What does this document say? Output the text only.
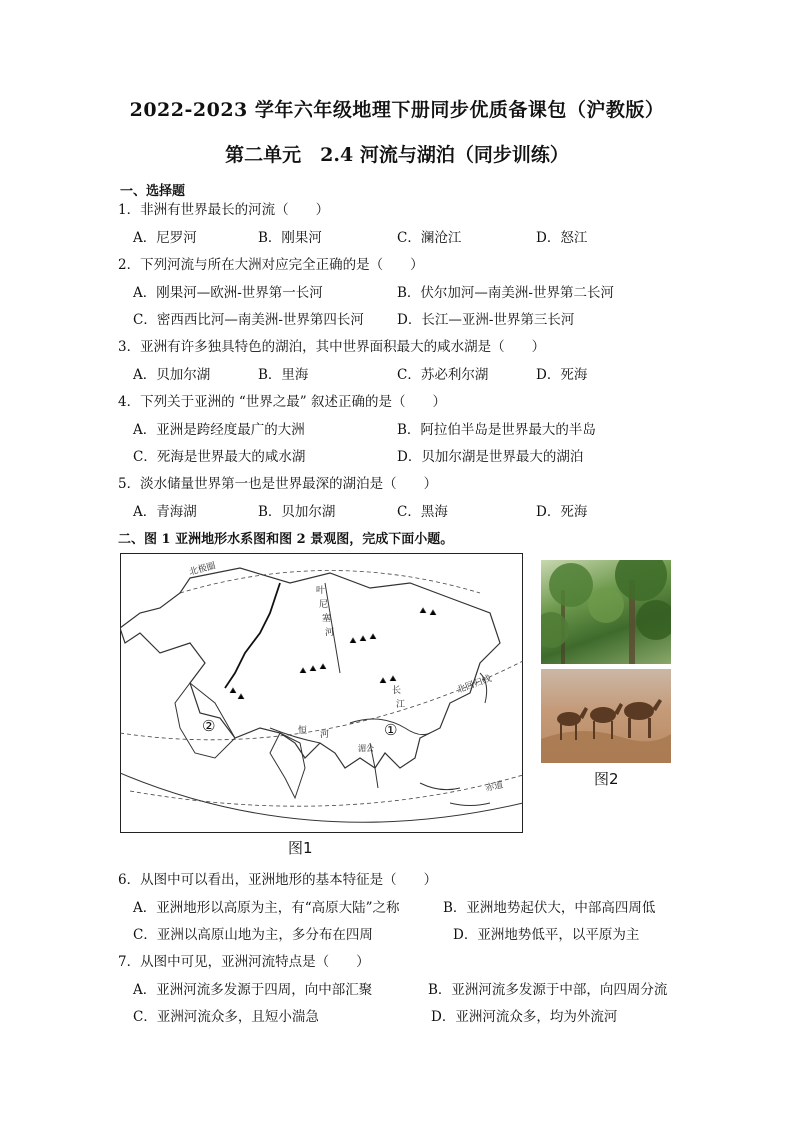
2022-2023 学年六年级地理下册同步优质备课包（沪教版）
第二单元　2.4 河流与湖泊（同步训练）
一、选择题
1．非洲有世界最长的河流（　　）
A．尼罗河	B．刚果河	C．澜沧江	D．怒江
2．下列河流与所在大洲对应完全正确的是（　　）
A．刚果河—欧洲-世界第一长河	B．伏尔加河—南美洲-世界第二长河
C．密西西比河—南美洲-世界第四长河 D．长江—亚洲-世界第三长河
3．亚洲有许多独具特色的湖泊，其中世界面积最大的咸水湖是（　　）
A．贝加尔湖	B．里海	C．苏必利尔湖	D．死海
4．下列关于亚洲的 “世界之最” 叙述正确的是（　　）
A．亚洲是跨经度最广的大洲	B．阿拉伯半岛是世界最大的半岛
C．死海是世界最大的咸水湖	D．贝加尔湖是世界最大的湖泊
5．淡水储量世界第一也是世界最深的湖泊是（　　）
A．青海湖	B．贝加尔湖	C．黑海	D．死海
二、图 1 亚洲地形水系图和图 2 景观图，完成下面小题。
北极圈
叶
尼
塞
河
北回归线
赤道
①
②	恒 河
长
江
湄公
图1
图2
6．从图中可以看出，亚洲地形的基本特征是（　　）
A．亚洲地形以高原为主，有“高原大陆”之称	B．亚洲地势起伏大，中部高四周低
C．亚洲以高原山地为主，多分布在四周	D．亚洲地势低平，以平原为主
7．从图中可见，亚洲河流特点是（　　）
A．亚洲河流多发源于四周，向中部汇聚	B．亚洲河流多发源于中部，向四周分流
C．亚洲河流众多，且短小湍急	D．亚洲河流众多，均为外流河
